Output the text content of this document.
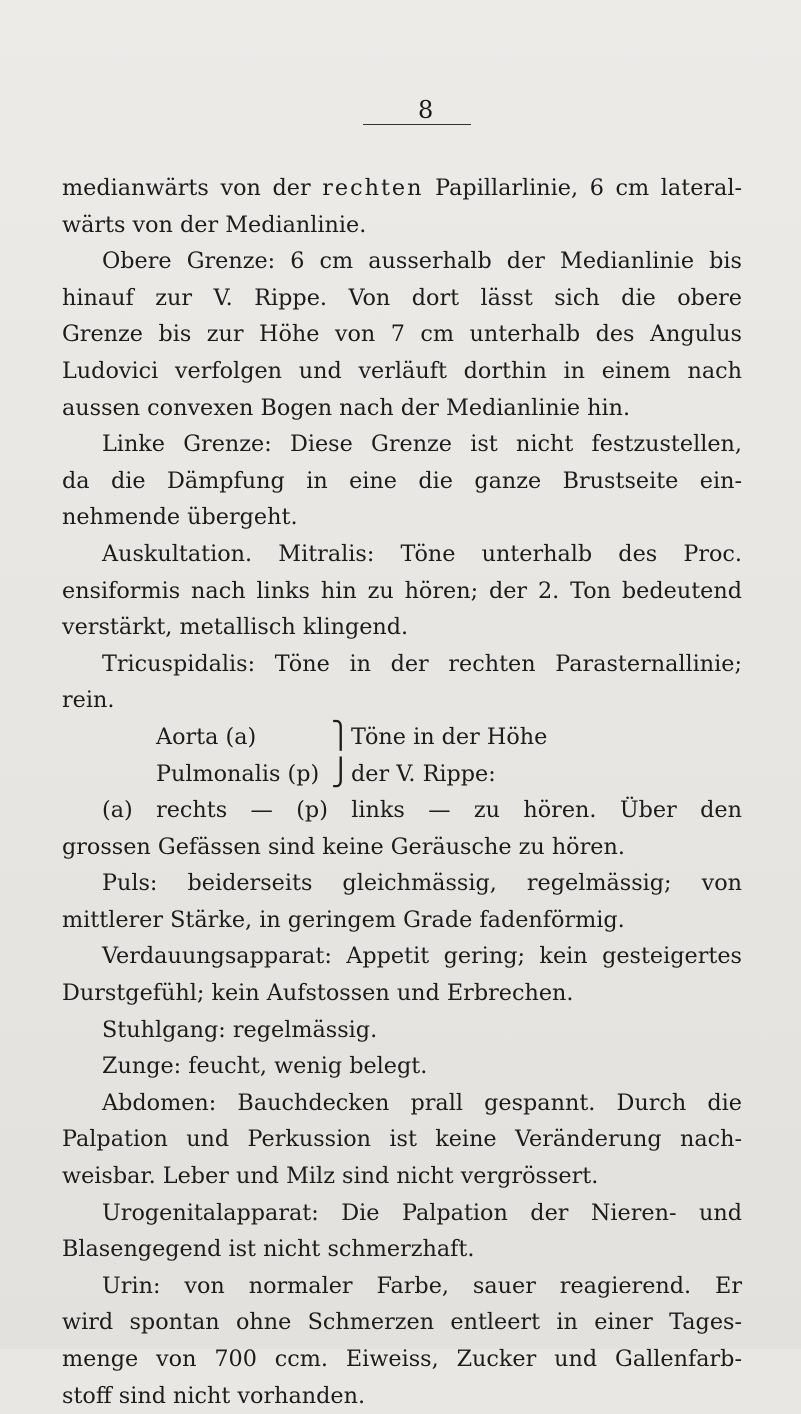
8
medianwärts von der rechten Papillarlinie, 6 cm lateral-
wärts von der Medianlinie.
Obere Grenze: 6 cm ausserhalb der Medianlinie bis
hinauf zur V. Rippe. Von dort lässt sich die obere
Grenze bis zur Höhe von 7 cm unterhalb des Angulus
Ludovici verfolgen und verläuft dorthin in einem nach
aussen convexen Bogen nach der Medianlinie hin.
Linke Grenze: Diese Grenze ist nicht festzustellen,
da die Dämpfung in eine die ganze Brustseite ein-
nehmende übergeht.
Auskultation. Mitralis: Töne unterhalb des Proc.
ensiformis nach links hin zu hören; der 2. Ton bedeutend
verstärkt, metallisch klingend.
Tricuspidalis: Töne in der rechten Parasternallinie;
rein.
Aorta (a)	⎫ Töne in der Höhe
Pulmonalis (p) ⎭ der V. Rippe:
(a) rechts — (p) links — zu hören. Über den
grossen Gefässen sind keine Geräusche zu hören.
Puls: beiderseits gleichmässig, regelmässig; von
mittlerer Stärke, in geringem Grade fadenförmig.
Verdauungsapparat: Appetit gering; kein gesteigertes
Durstgefühl; kein Aufstossen und Erbrechen.
Stuhlgang: regelmässig.
Zunge: feucht, wenig belegt.
Abdomen: Bauchdecken prall gespannt. Durch die
Palpation und Perkussion ist keine Veränderung nach-
weisbar. Leber und Milz sind nicht vergrössert.
Urogenitalapparat: Die Palpation der Nieren- und
Blasengegend ist nicht schmerzhaft.
Urin: von normaler Farbe, sauer reagierend. Er
wird spontan ohne Schmerzen entleert in einer Tages-
menge von 700 ccm. Eiweiss, Zucker und Gallenfarb-
stoff sind nicht vorhanden.
